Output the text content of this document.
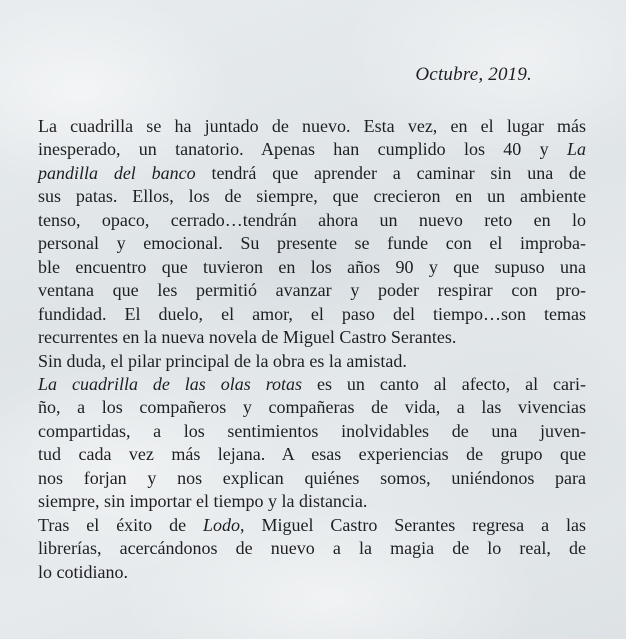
Octubre, 2019.

La cuadrilla se ha juntado de nuevo. Esta vez, en el lugar más
inesperado, un tanatorio. Apenas han cumplido los 40 y La
pandilla del banco tendrá que aprender a caminar sin una de
sus patas. Ellos, los de siempre, que crecieron en un ambiente
tenso, opaco, cerrado…tendrán ahora un nuevo reto en lo
personal y emocional. Su presente se funde con el improba-
ble encuentro que tuvieron en los años 90 y que supuso una
ventana que les permitió avanzar y poder respirar con pro-
fundidad. El duelo, el amor, el paso del tiempo…son temas
recurrentes en la nueva novela de Miguel Castro Serantes.

Sin duda, el pilar principal de la obra es la amistad.

La cuadrilla de las olas rotas es un canto al afecto, al cari-
ño, a los compañeros y compañeras de vida, a las vivencias
compartidas, a los sentimientos inolvidables de una juven-
tud cada vez más lejana. A esas experiencias de grupo que
nos forjan y nos explican quiénes somos, uniéndonos para
siempre, sin importar el tiempo y la distancia.

Tras el éxito de Lodo, Miguel Castro Serantes regresa a las
librerías, acercándonos de nuevo a la magia de lo real, de
lo cotidiano.
